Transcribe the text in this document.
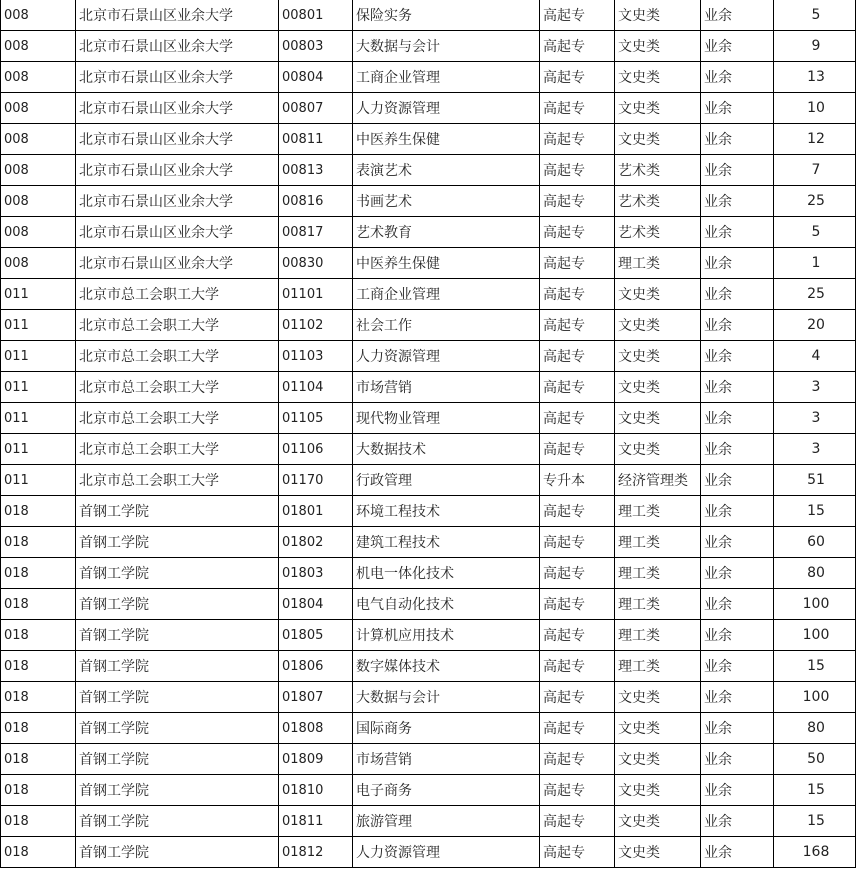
008	北京市石景山区业余大学	00801	保险实务	高起专	文史类	业余	5
008	北京市石景山区业余大学	00803	大数据与会计	高起专	文史类	业余	9
008	北京市石景山区业余大学	00804	工商企业管理	高起专	文史类	业余	13
008	北京市石景山区业余大学	00807	人力资源管理	高起专	文史类	业余	10
008	北京市石景山区业余大学	00811	中医养生保健	高起专	文史类	业余	12
008	北京市石景山区业余大学	00813	表演艺术	高起专	艺术类	业余	7
008	北京市石景山区业余大学	00816	书画艺术	高起专	艺术类	业余	25
008	北京市石景山区业余大学	00817	艺术教育	高起专	艺术类	业余	5
008	北京市石景山区业余大学	00830	中医养生保健	高起专	理工类	业余	1
011	北京市总工会职工大学	01101	工商企业管理	高起专	文史类	业余	25
011	北京市总工会职工大学	01102	社会工作	高起专	文史类	业余	20
011	北京市总工会职工大学	01103	人力资源管理	高起专	文史类	业余	4
011	北京市总工会职工大学	01104	市场营销	高起专	文史类	业余	3
011	北京市总工会职工大学	01105	现代物业管理	高起专	文史类	业余	3
011	北京市总工会职工大学	01106	大数据技术	高起专	文史类	业余	3
011	北京市总工会职工大学	01170	行政管理	专升本	经济管理类	业余	51
018	首钢工学院	01801	环境工程技术	高起专	理工类	业余	15
018	首钢工学院	01802	建筑工程技术	高起专	理工类	业余	60
018	首钢工学院	01803	机电一体化技术	高起专	理工类	业余	80
018	首钢工学院	01804	电气自动化技术	高起专	理工类	业余	100
018	首钢工学院	01805	计算机应用技术	高起专	理工类	业余	100
018	首钢工学院	01806	数字媒体技术	高起专	理工类	业余	15
018	首钢工学院	01807	大数据与会计	高起专	文史类	业余	100
018	首钢工学院	01808	国际商务	高起专	文史类	业余	80
018	首钢工学院	01809	市场营销	高起专	文史类	业余	50
018	首钢工学院	01810	电子商务	高起专	文史类	业余	15
018	首钢工学院	01811	旅游管理	高起专	文史类	业余	15
018	首钢工学院	01812	人力资源管理	高起专	文史类	业余	168
